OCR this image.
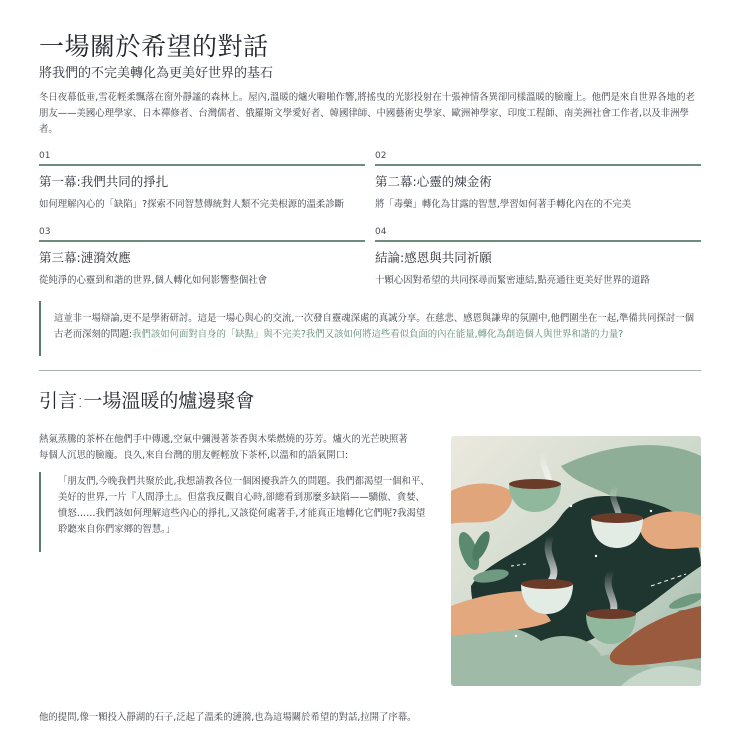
一場關於希望的對話
將我們的不完美轉化為更美好世界的基石

冬日夜幕低垂,雪花輕柔飄落在窗外靜謐的森林上。屋內,溫暖的爐火噼啪作響,將搖曳的光影投射在十張神情各異卻同樣溫暖的臉龐上。他們是來自世界各地的老朋友——美國心理學家、日本禪修者、台灣儒者、俄羅斯文學愛好者、韓國律師、中國藝術史學家、歐洲神學家、印度工程師、南美洲社會工作者,以及非洲學者。

01
第一幕:我們共同的掙扎
如何理解內心的「缺陷」?探索不同智慧傳統對人類不完美根源的溫柔診斷
02
第二幕:心靈的煉金術
將「毒藥」轉化為甘露的智慧,學習如何著手轉化內在的不完美
03
第三幕:漣漪效應
從純淨的心靈到和諧的世界,個人轉化如何影響整個社會
04
結論:感恩與共同祈願
十顆心因對希望的共同探尋而緊密連結,點亮通往更美好世界的道路
這並非一場辯論,更不是學術研討。這是一場心與心的交流,一次發自靈魂深處的真誠分享。在慈悲、感恩與謙卑的氛圍中,他們圍坐在一起,準備共同探討一個古老而深刻的問題:我們該如何面對自身的「缺點」與不完美?我們又該如何將這些看似負面的內在能量,轉化為創造個人與世界和諧的力量?
引言:一場溫暖的爐邊聚會

熱氣蒸騰的茶杯在他們手中傳遞,空氣中彌漫著茶香與木柴燃燒的芬芳。爐火的光芒映照著每個人沉思的臉龐。良久,來自台灣的朋友輕輕放下茶杯,以溫和的語氣開口:

「朋友們,今晚我們共聚於此,我想請教各位一個困擾我許久的問題。我們都渴望一個和平、美好的世界,一片『人間淨土』。但當我反觀自心時,卻總看到那麼多缺陷——驕傲、貪婪、憤怒……我們該如何理解這些內心的掙扎,又該從何處著手,才能真正地轉化它們呢?我渴望聆聽來自你們家鄉的智慧。」

他的提問,像一顆投入靜湖的石子,泛起了溫柔的漣漪,也為這場關於希望的對話,拉開了序幕。
